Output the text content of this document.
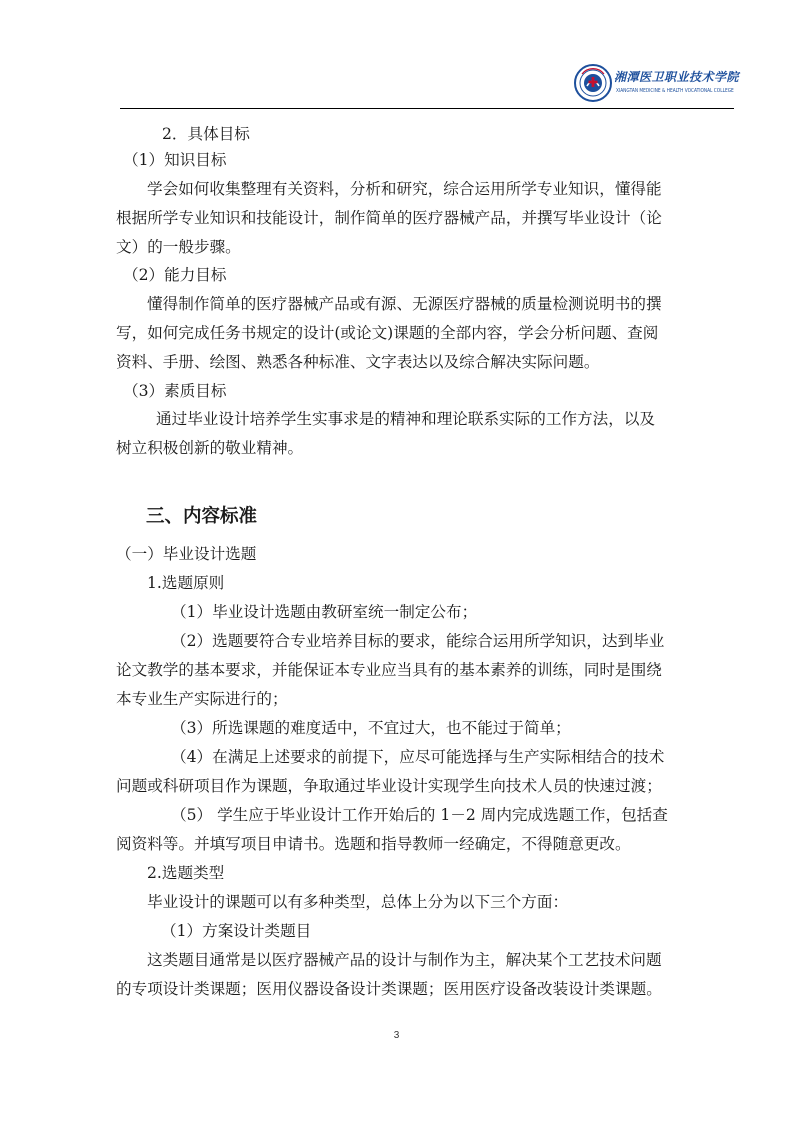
湘潭医卫职业技术学院
XIANGTAN MEDICINE & HEALTH VOCATIONAL COLLEGE
2．具体目标
（1）知识目标
学会如何收集整理有关资料，分析和研究，综合运用所学专业知识，懂得能
根据所学专业知识和技能设计，制作简单的医疗器械产品，并撰写毕业设计（论
文）的一般步骤。
（2）能力目标
懂得制作简单的医疗器械产品或有源、无源医疗器械的质量检测说明书的撰
写，如何完成任务书规定的设计(或论文)课题的全部内容，学会分析问题、查阅
资料、手册、绘图、熟悉各种标准、文字表达以及综合解决实际问题。
（3）素质目标
通过毕业设计培养学生实事求是的精神和理论联系实际的工作方法，以及
树立积极创新的敬业精神。
三、内容标准
（一）毕业设计选题
1.选题原则
（1）毕业设计选题由教研室统一制定公布；
（2）选题要符合专业培养目标的要求，能综合运用所学知识，达到毕业
论文教学的基本要求，并能保证本专业应当具有的基本素养的训练，同时是围绕
本专业生产实际进行的；
（3）所选课题的难度适中，不宜过大，也不能过于简单；
（4）在满足上述要求的前提下，应尽可能选择与生产实际相结合的技术
问题或科研项目作为课题，争取通过毕业设计实现学生向技术人员的快速过渡；
（5） 学生应于毕业设计工作开始后的 1－2 周内完成选题工作，包括查
阅资料等。并填写项目申请书。选题和指导教师一经确定，不得随意更改。
2.选题类型
毕业设计的课题可以有多种类型，总体上分为以下三个方面：
（1）方案设计类题目
这类题目通常是以医疗器械产品的设计与制作为主，解决某个工艺技术问题
的专项设计类课题；医用仪器设备设计类课题；医用医疗设备改装设计类课题。
3
